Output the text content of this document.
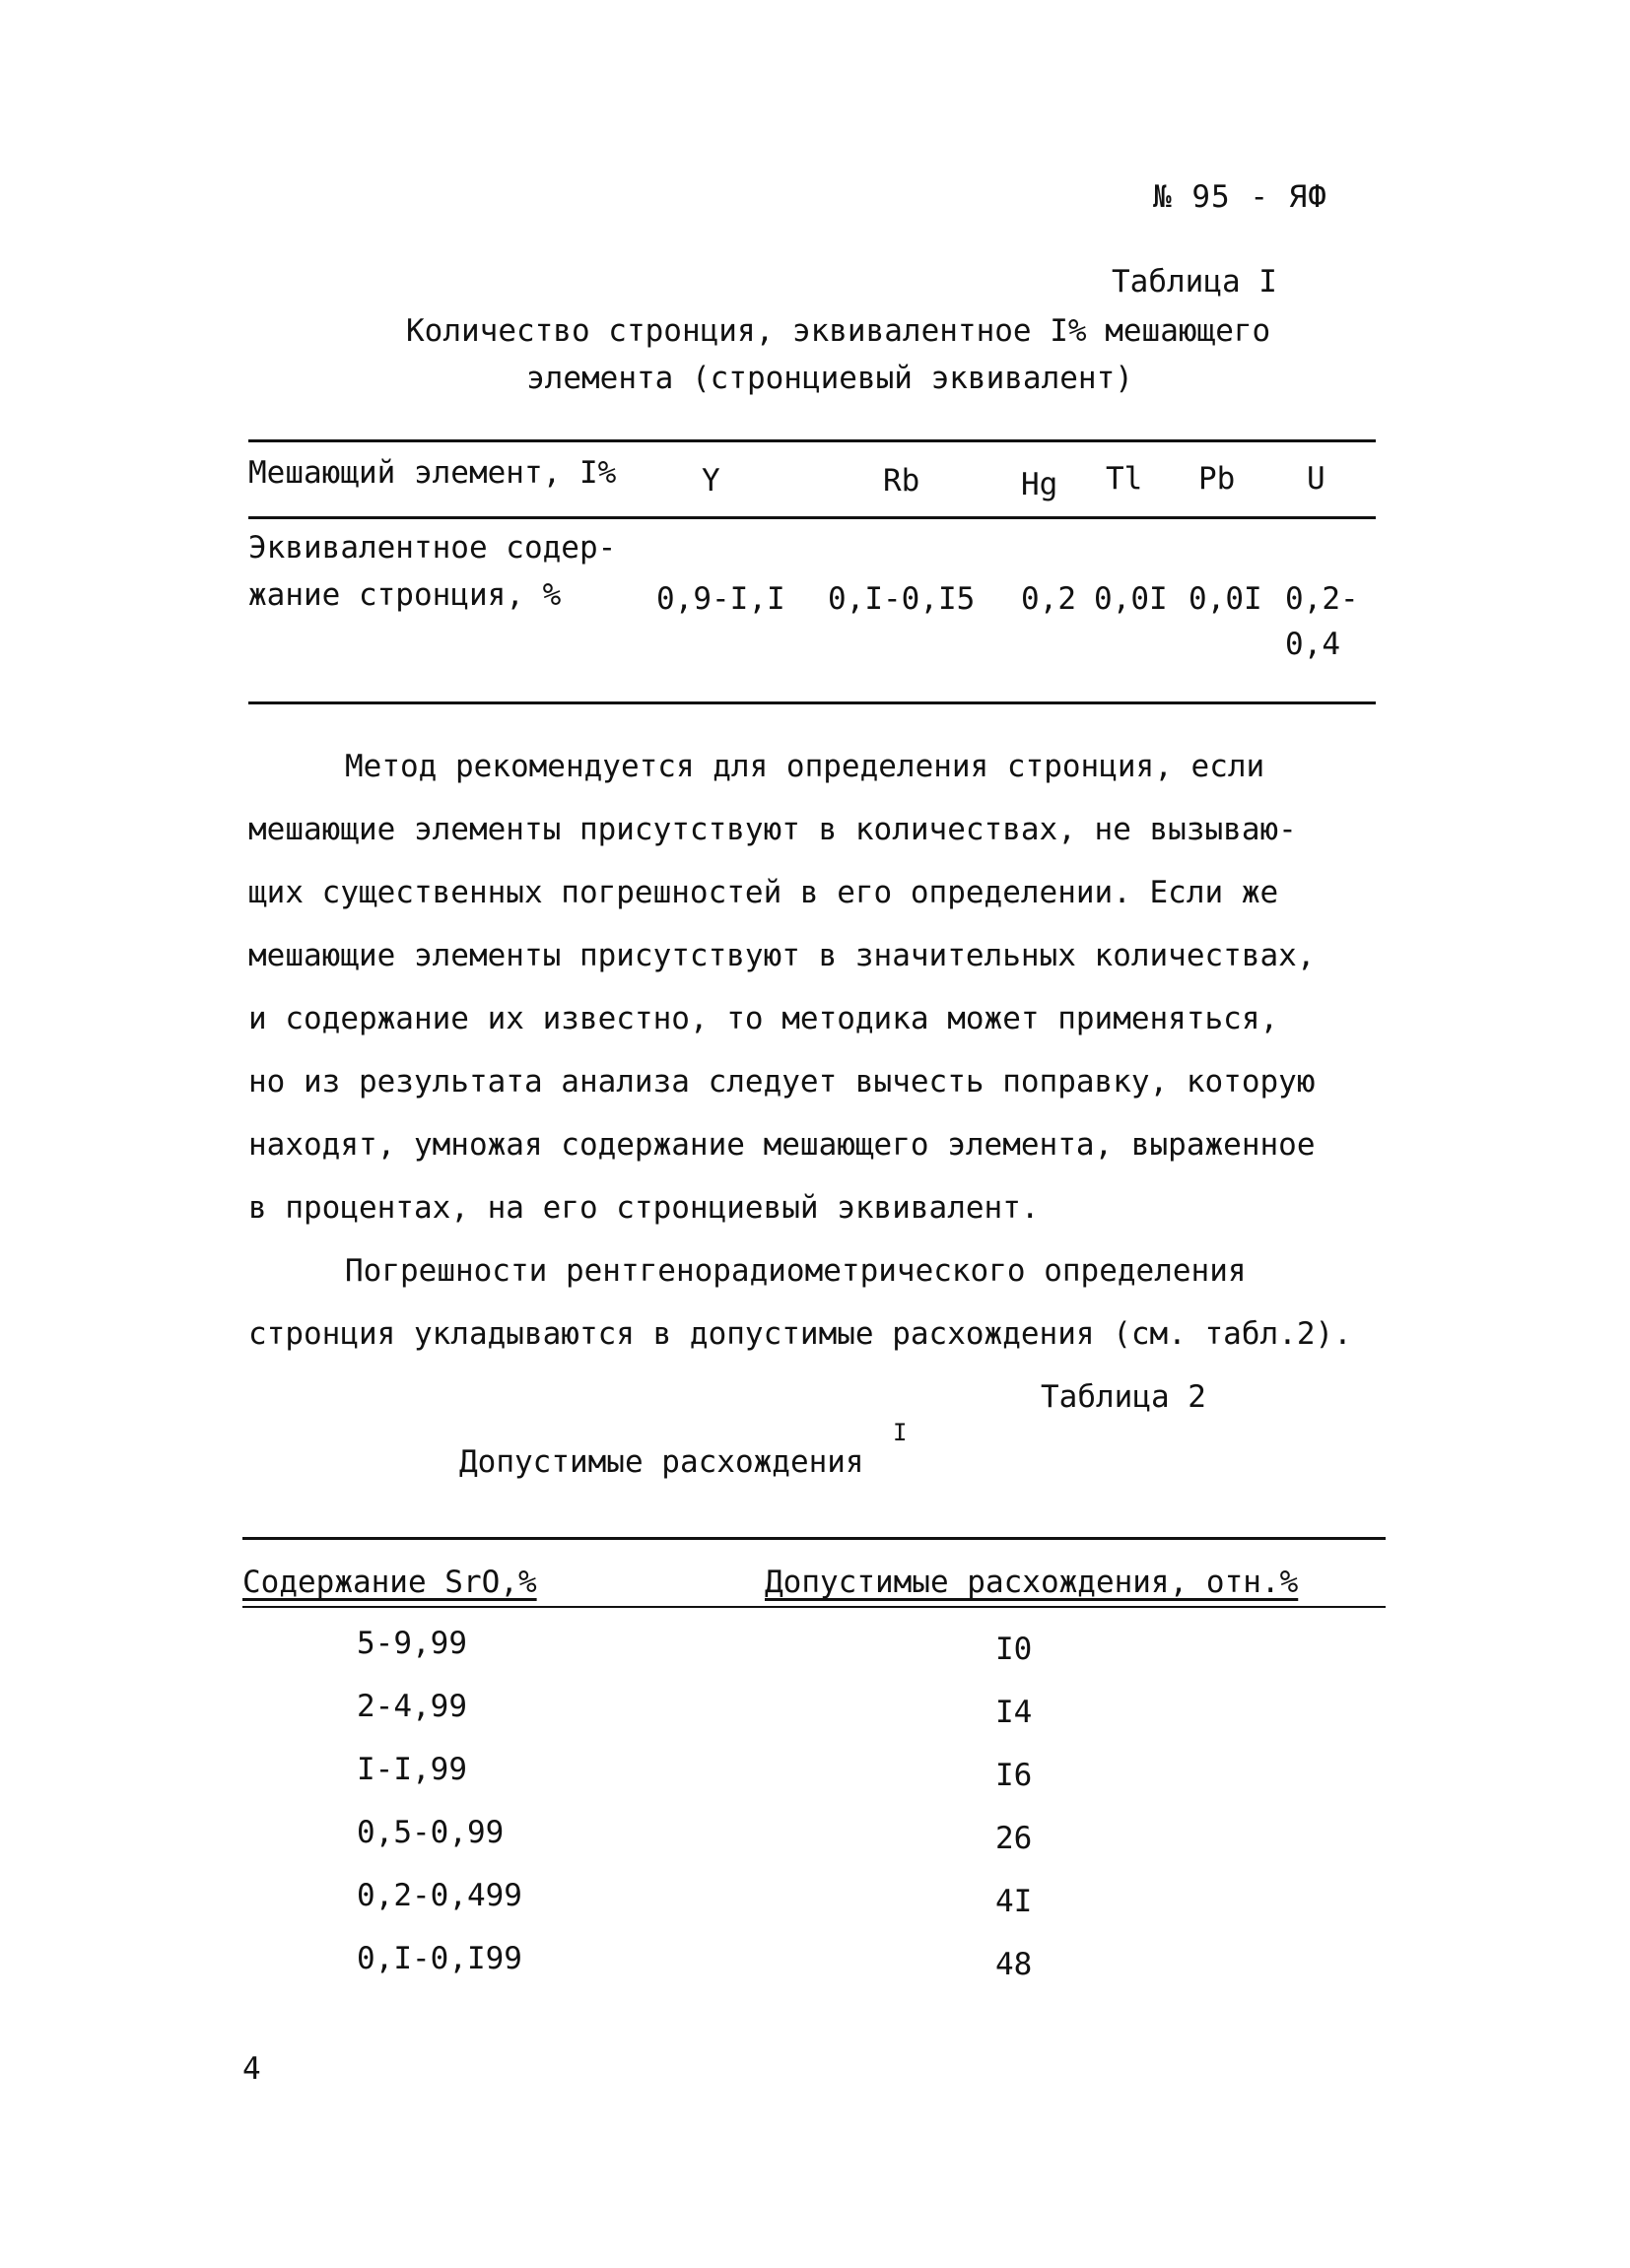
№ 95 - ЯФ
Таблица I
Количество стронция, эквивалентное I% мешающего
элемента (стронциевый эквивалент)
Мешающий элемент, I%	Y	Rb	Hg Tl Pb U
Эквивалентное содер-
жание стронция, %	0,9-I,I 0,I-0,I5 0,2 0,0I 0,0I 0,2-
0,4
Метод рекомендуется для определения стронция, если
мешающие элементы присутствуют в количествах, не вызываю-
щих существенных погрешностей в его определении. Если же
мешающие элементы присутствуют в значительных количествах,
и содержание их известно, то методика может применяться,
но из результата анализа следует вычесть поправку, которую
находят, умножая содержание мешающего элемента, выраженное
в процентах, на его стронциевый эквивалент.
Погрешности рентгенорадиометрического определения
стронция укладываются в допустимые расхождения (см. табл.2).
Таблица 2
Допустимые расхождения
I
Содержание SrO,%	Допустимые расхождения, отн.%
5-9,99	I0
2-4,99	I4
I-I,99	I6
0,5-0,99	26
0,2-0,499	4I
0,I-0,I99	48
4
